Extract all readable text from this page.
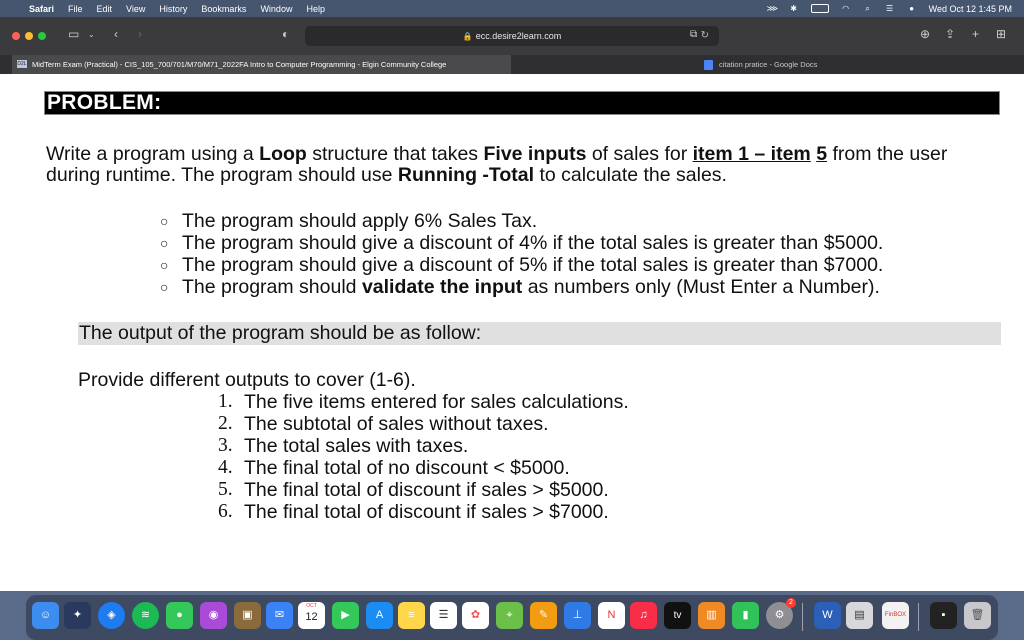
Safari File Edit View History Bookmarks Window Help	⋙ ✱	◠	⌕	☰	● Wed Oct 12 1:45 PM
▭ ⌄ ‹ ›	◐	🔒 ecc.desire2learn.com	↻
⧉	⊕ ⇪ + ⊞
D2L MidTerm Exam (Practical) - CIS_105_700/701/M70/M71_2022FA Intro to Computer Programming - Elgin Community College	citation pratice - Google Docs
PROBLEM:
Write a program using a Loop structure that takes Five inputs of sales for item 1 – item 5 from the user during runtime. The program should use Running -Total to calculate the sales.
○ The program should apply 6% Sales Tax.
○ The program should give a discount of 4% if the total sales is greater than $5000.
○ The program should give a discount of 5% if the total sales is greater than $7000.
○ The program should validate the input as numbers only (Must Enter a Number).
The output of the program should be as follow:
Provide different outputs to cover (1-6).
1. The five items entered for sales calculations.
2. The subtotal of sales without taxes.
3. The total sales with taxes.
4. The final total of no discount < $5000.
5. The final total of discount if sales > $5000.
6. The final total of discount if sales > $7000.
☺	✦	◈	≋	●	◉	▣	✉
OCT
12	▶	A	≡	☰	✿	⌖	✎	⊥	N	♫	tv	▥	▮	⚙
2
W	▤	FinBOX	▪	🗑
